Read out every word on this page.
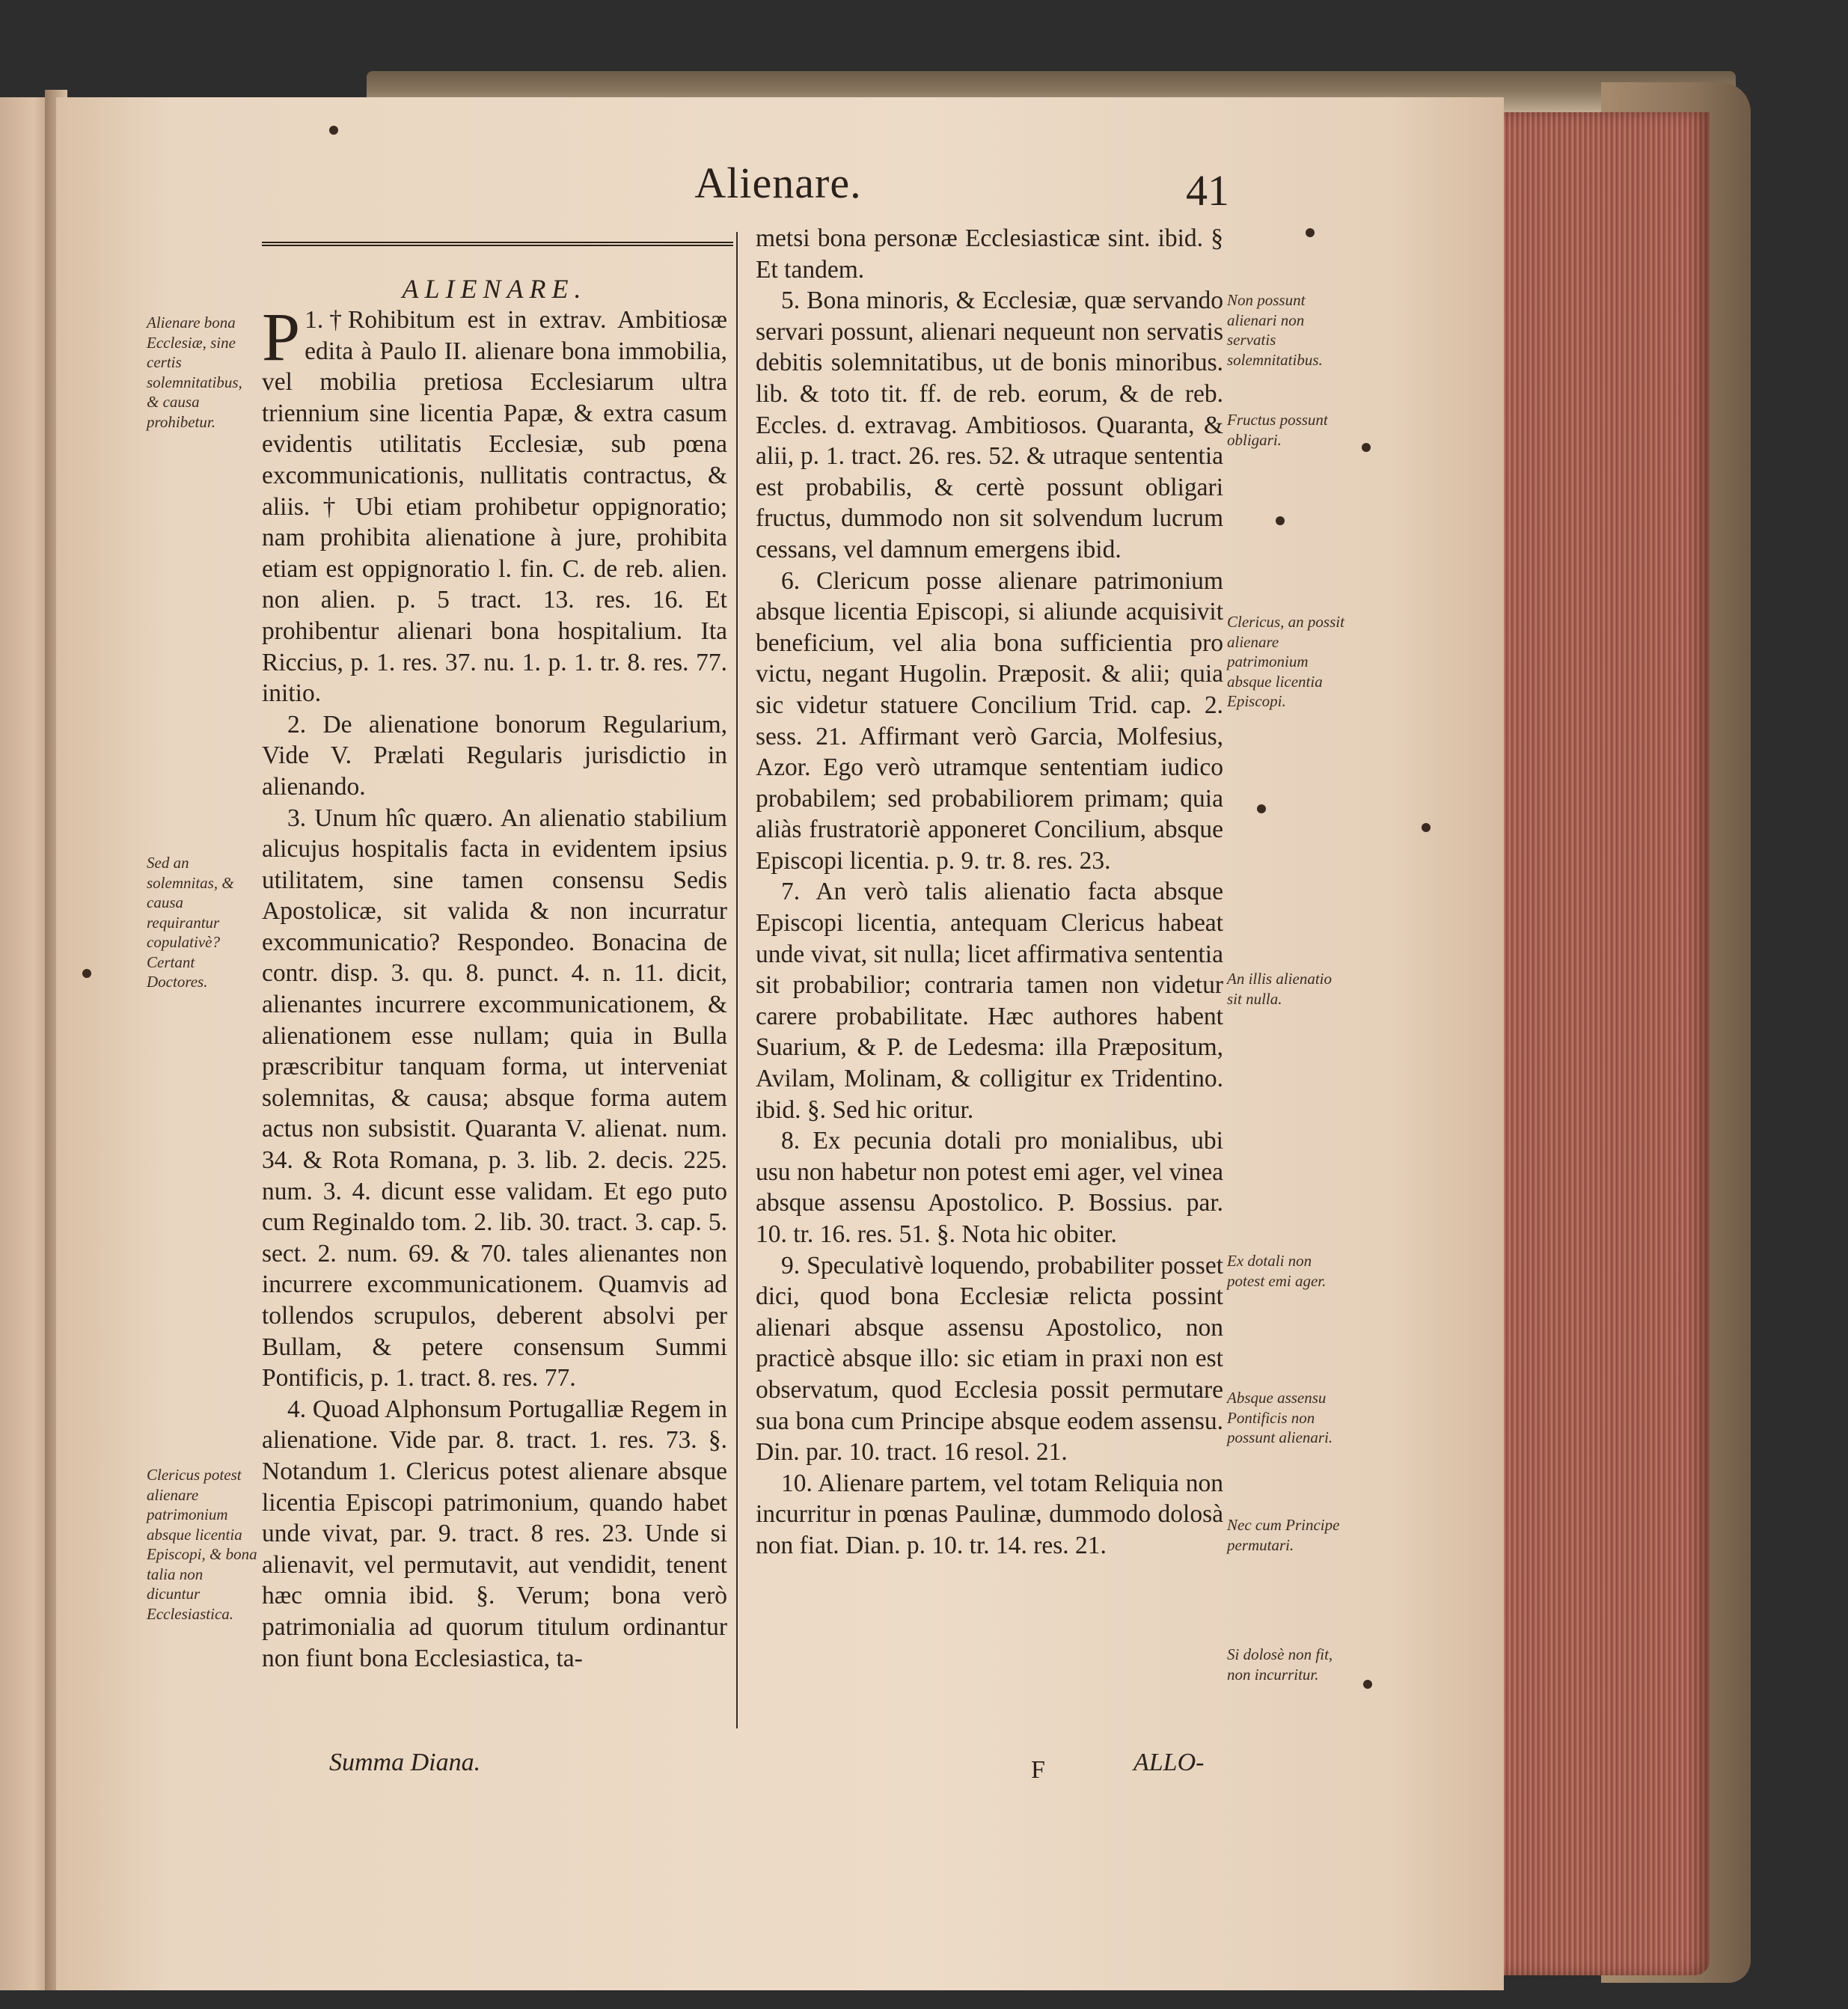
Alienare.	41

ALIENARE.

1.†
P Rohibitum est in extrav. Ambitiosæ edita à Paulo II. alienare bona immobilia, vel mobilia pretiosa Ecclesiarum ultra triennium sine licentia Papæ, & extra casum evidentis utilitatis Ecclesiæ, sub pœna excommunicationis, nullitatis contractus, & aliis. † Ubi etiam prohibetur oppignoratio; nam prohibita alienatione à jure, prohibita etiam est oppignoratio l. fin. C. de reb. alien. non alien. p. 5 tract. 13. res. 16. Et prohibentur alienari bona hospitalium. Ita Riccius, p. 1. res. 37. nu. 1. p. 1. tr. 8. res. 77. initio.

2. De alienatione bonorum Regularium, Vide V. Prælati Regularis jurisdictio in alienando.

3. Unum hîc quæro. An alienatio stabilium alicujus hospitalis facta in evidentem ipsius utilitatem, sine tamen consensu Sedis Apostolicæ, sit valida & non incurratur excommunicatio? Respondeo. Bonacina de contr. disp. 3. qu. 8. punct. 4. n. 11. dicit, alienantes incurrere excommunicationem, & alienationem esse nullam; quia in Bulla præscribitur tanquam forma, ut interveniat solemnitas, & causa; absque forma autem actus non subsistit. Quaranta V. alienat. num. 34. & Rota Romana, p. 3. lib. 2. decis. 225. num. 3. 4. dicunt esse validam. Et ego puto cum Reginaldo tom. 2. lib. 30. tract. 3. cap. 5. sect. 2. num. 69. & 70. tales alienantes non incurrere excommunicationem. Quamvis ad tollendos scrupulos, deberent absolvi per Bullam, & petere consensum Summi Pontificis, p. 1. tract. 8. res. 77.

4. Quoad Alphonsum Portugalliæ Regem in alienatione. Vide par. 8. tract. 1. res. 73. §. Notandum 1. Clericus potest alienare absque licentia Episcopi patrimonium, quando habet unde vivat, par. 9. tract. 8 res. 23. Unde si alienavit, vel permutavit, aut vendidit, tenent hæc omnia ibid. §. Verum; bona verò patrimonialia ad quorum titulum ordinantur non fiunt bona Ecclesiastica, ta-

Summa Diana.

metsi bona personæ Ecclesiasticæ sint. ibid. § Et tandem.

5. Bona minoris, & Ecclesiæ, quæ servando servari possunt, alienari nequeunt non servatis debitis solemnitatibus, ut de bonis minoribus. lib. & toto tit. ff. de reb. eorum, & de reb. Eccles. d. extravag. Ambitiosos. Quaranta, & alii, p. 1. tract. 26. res. 52. & utraque sententia est probabilis, & certè possunt obligari fructus, dummodo non sit solvendum lucrum cessans, vel damnum emergens ibid.

6. Clericum posse alienare patrimonium absque licentia Episcopi, si aliunde acquisivit beneficium, vel alia bona sufficientia pro victu, negant Hugolin. Præposit. & alii; quia sic videtur statuere Concilium Trid. cap. 2. sess. 21. Affirmant verò Garcia, Molfesius, Azor. Ego verò utramque sententiam iudico probabilem; sed probabiliorem primam; quia aliàs frustratoriè apponeret Concilium, absque Episcopi licentia. p. 9. tr. 8. res. 23.

7. An verò talis alienatio facta absque Episcopi licentia, antequam Clericus habeat unde vivat, sit nulla; licet affirmativa sententia sit probabilior; contraria tamen non videtur carere probabilitate. Hæc authores habent Suarium, & P. de Ledesma: illa Præpositum, Avilam, Molinam, & colligitur ex Tridentino. ibid. §. Sed hic oritur.

8. Ex pecunia dotali pro monialibus, ubi usu non habetur non potest emi ager, vel vinea absque assensu Apostolico. P. Bossius. par. 10. tr. 16. res. 51. §. Nota hic obiter.

9. Speculativè loquendo, probabiliter posset dici, quod bona Ecclesiæ relicta possint alienari absque assensu Apostolico, non practicè absque illo: sic etiam in praxi non est observatum, quod Ecclesia possit permutare sua bona cum Principe absque eodem assensu. Din. par. 10. tract. 16 resol. 21.

10. Alienare partem, vel totam Reliquia non incurritur in pœnas Paulinæ, dummodo dolosà non fiat. Dian. p. 10. tr. 14. res. 21.

F	ALLO-
Alienare bona Ecclesiæ, sine certis solemnitatibus, & causa prohibetur.
Sed an solemnitas, & causa requirantur copulativè? Certant Doctores.
Clericus potest alienare patrimonium absque licentia Episcopi, & bona talia non dicuntur Ecclesiastica.
Non possunt alienari non servatis solemnitatibus.
Fructus possunt obligari.
Clericus, an possit alienare patrimonium absque licentia Episcopi.
An illis alienatio sit nulla.
Ex dotali non potest emi ager.
Absque assensu Pontificis non possunt alienari.
Nec cum Principe permutari.
Si dolosè non fit, non incurritur.
